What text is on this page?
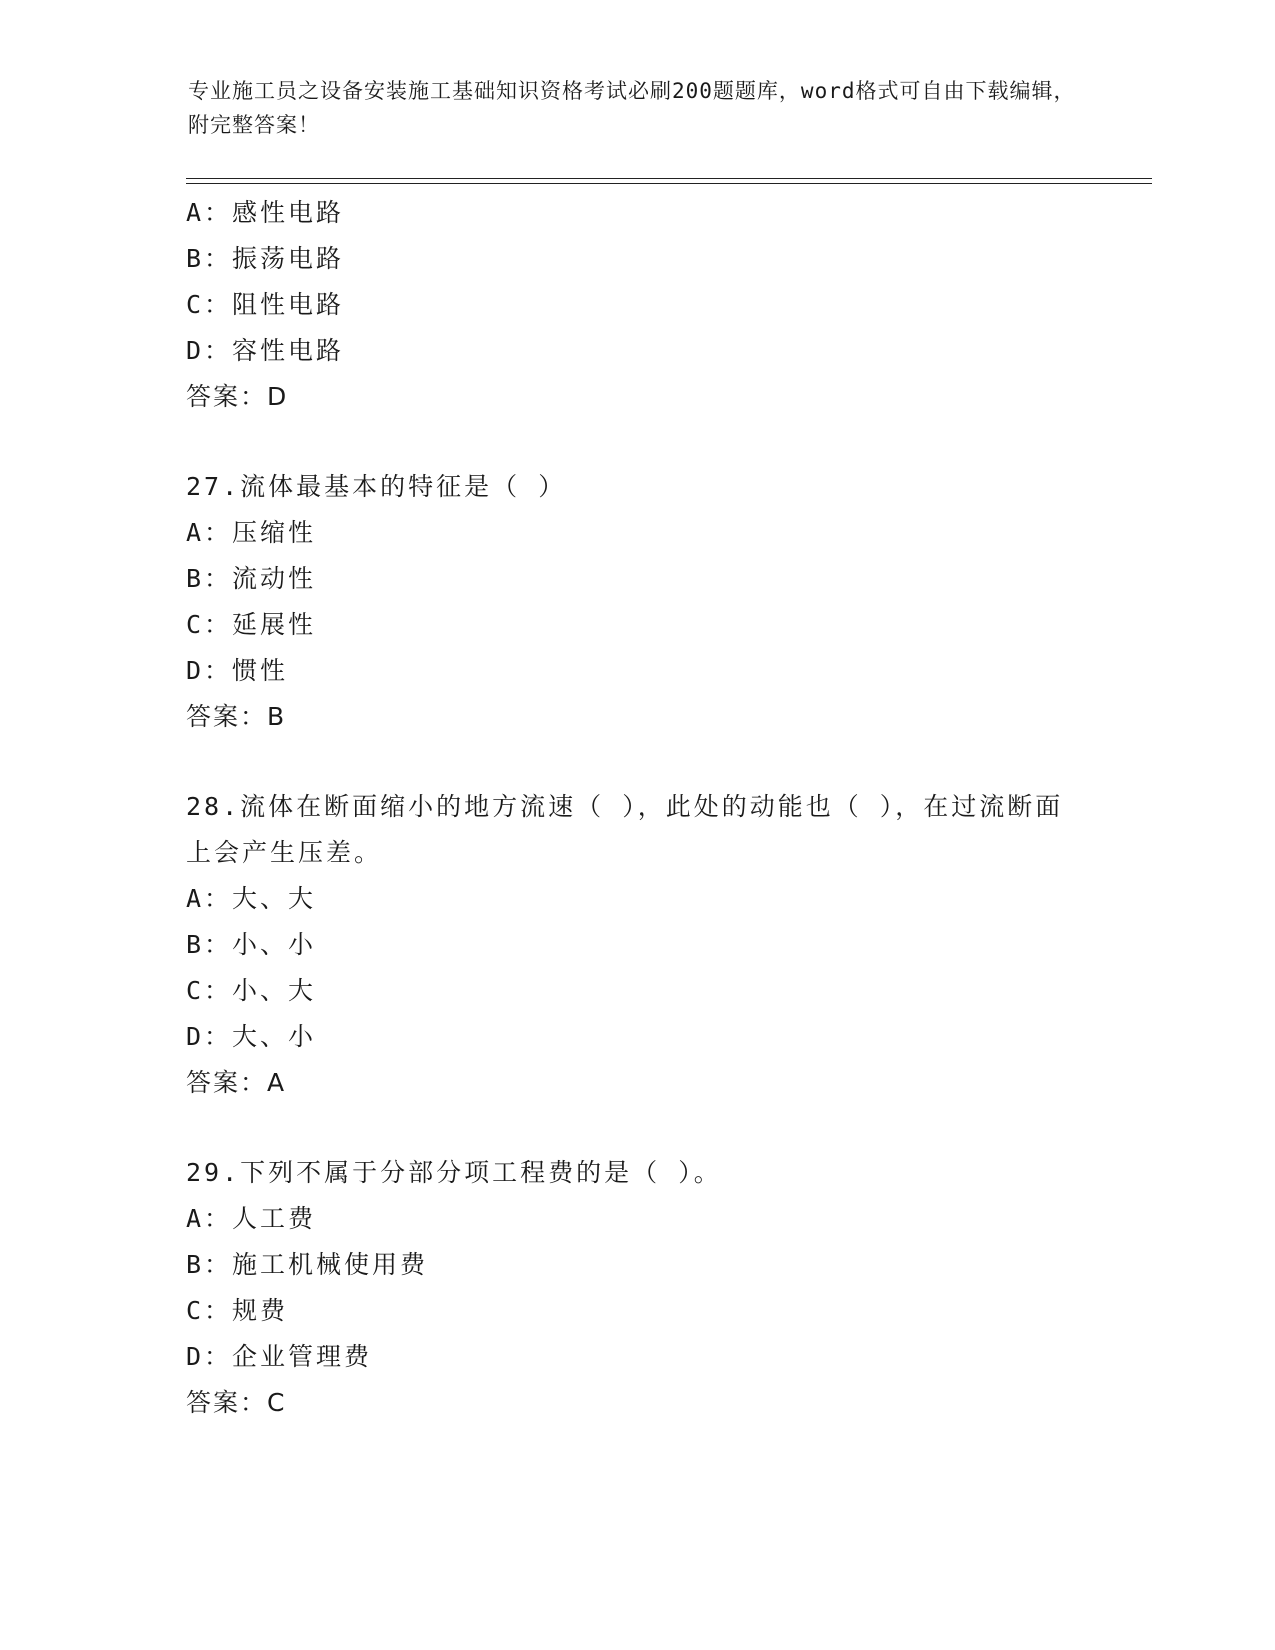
专业施工员之设备安装施工基础知识资格考试必刷200题题库，word格式可自由下载编辑，附完整答案！
A：感性电路
B：振荡电路
C：阻性电路
D：容性电路
答案：D
27.流体最基本的特征是（ ）
A：压缩性
B：流动性
C：延展性
D：惯性
答案：B
28.流体在断面缩小的地方流速（ ），此处的动能也（ ），在过流断面上会产生压差。
A：大、大
B：小、小
C：小、大
D：大、小
答案：A
29.下列不属于分部分项工程费的是（ ）。
A：人工费
B：施工机械使用费
C：规费
D：企业管理费
答案：C
